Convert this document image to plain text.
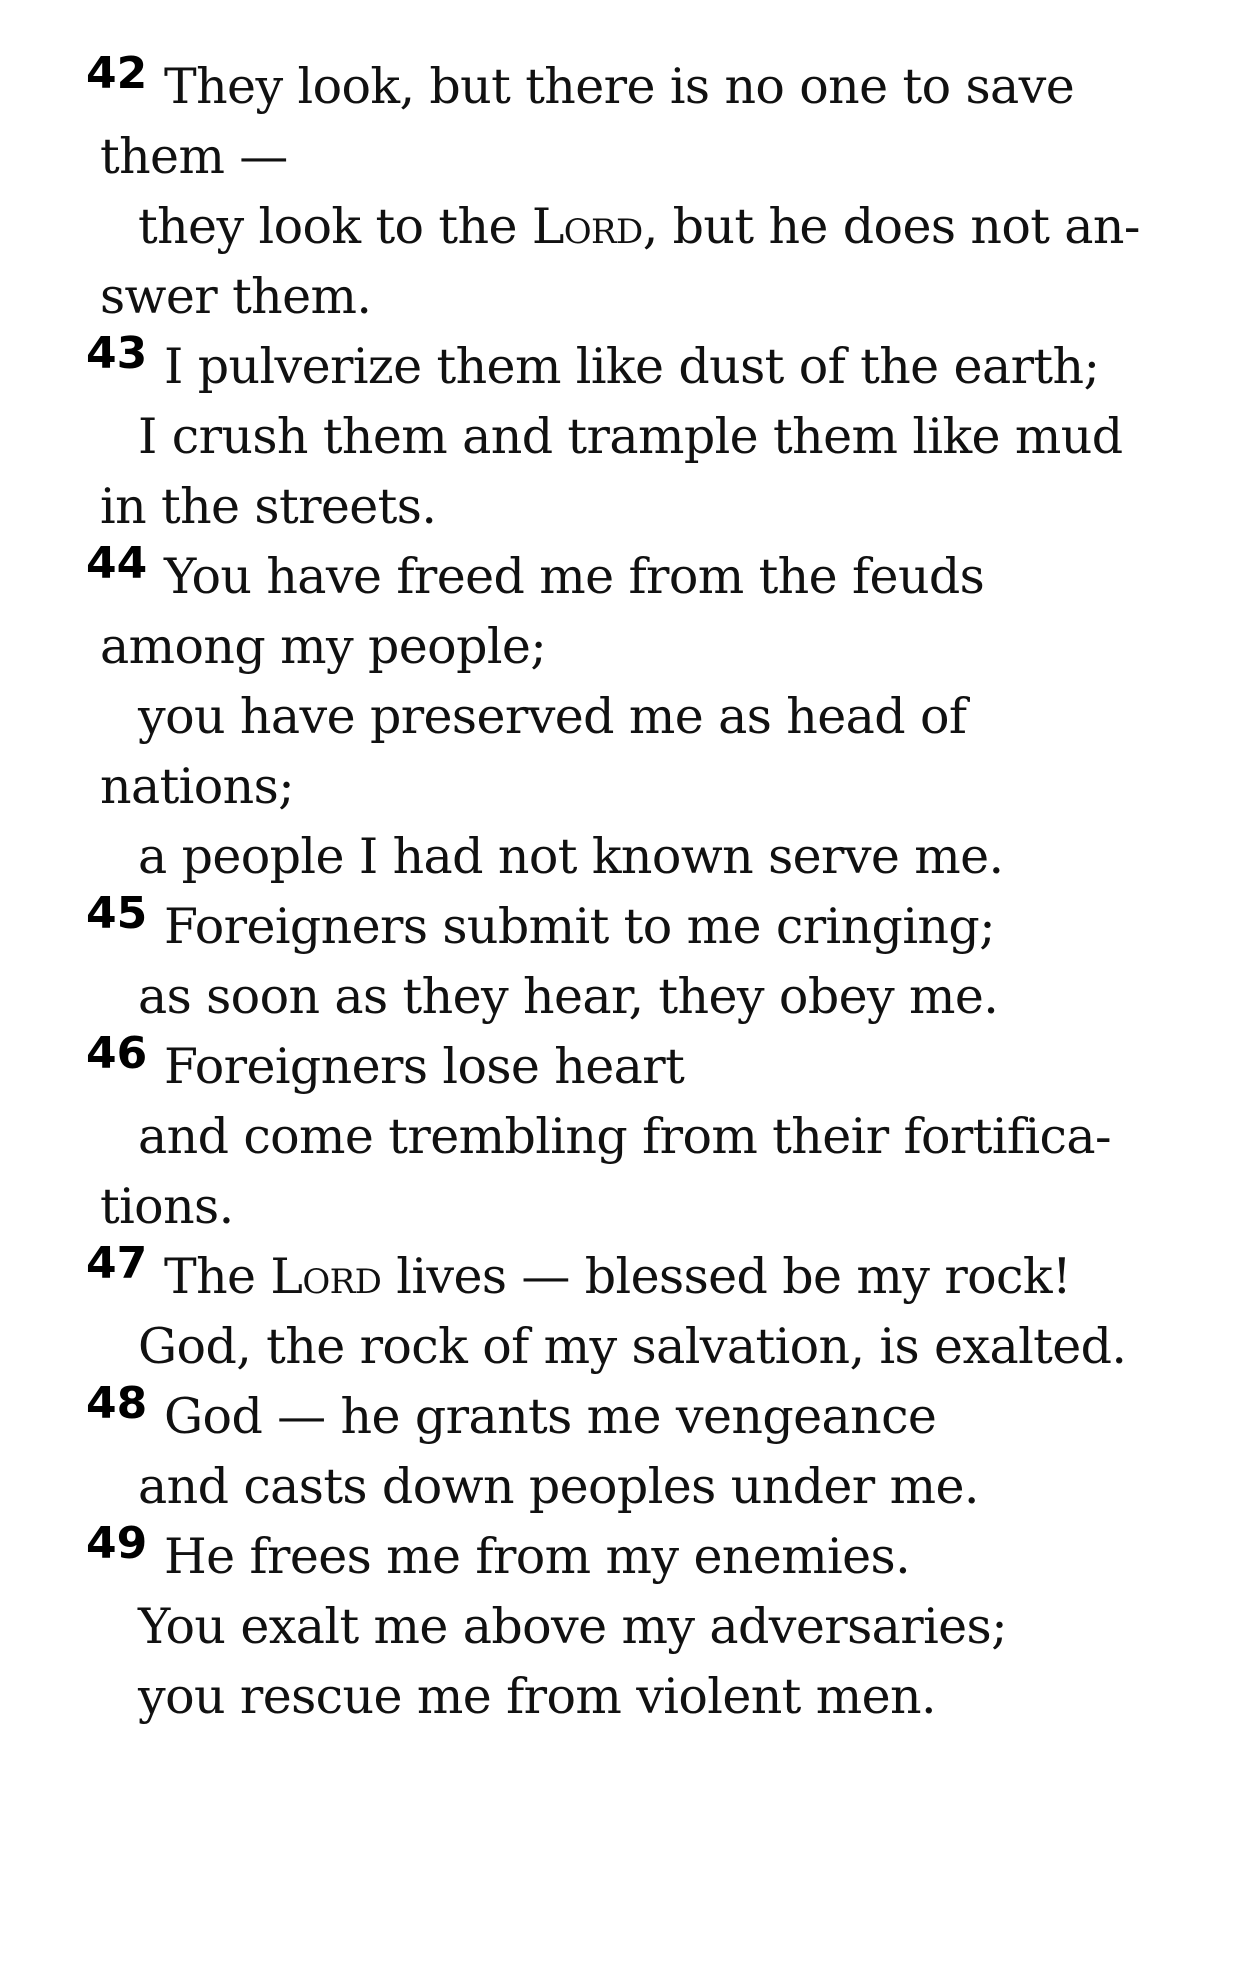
42 They look, but there is no one to save
them —
they look to the Lord, but he does not an-
swer them.
43 I pulverize them like dust of the earth;
I crush them and trample them like mud
in the streets.
44 You have freed me from the feuds
among my people;
you have preserved me as head of
nations;
a people I had not known serve me.
45 Foreigners submit to me cringing;
as soon as they hear, they obey me.
46 Foreigners lose heart
and come trembling from their fortifica-
tions.
47 The Lord lives — blessed be my rock!
God, the rock of my salvation, is exalted.
48 God — he grants me vengeance
and casts down peoples under me.
49 He frees me from my enemies.
You exalt me above my adversaries;
you rescue me from violent men.
